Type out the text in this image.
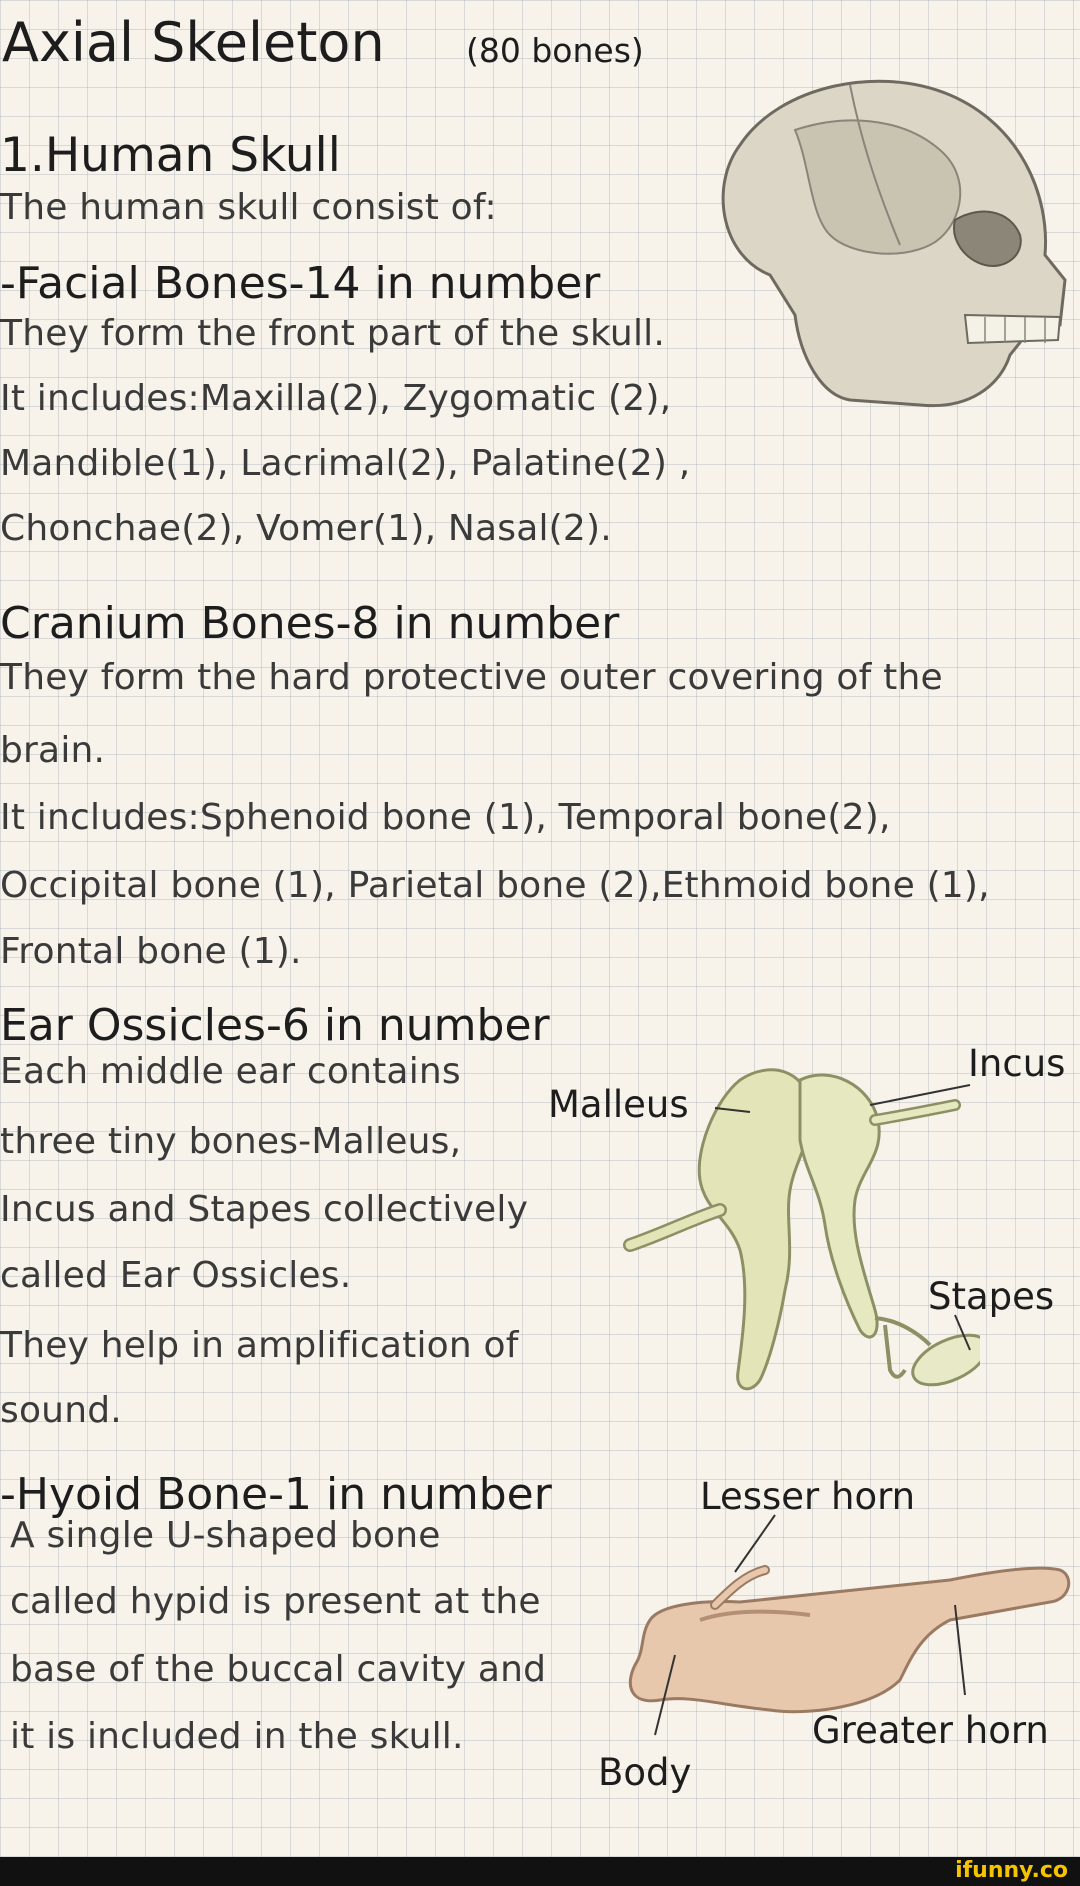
Axial Skeleton (80 bones)
1.Human Skull
The human skull consist of:
-Facial Bones-14 in number
They form the front part of the skull.
It includes:Maxilla(2), Zygomatic (2),
Mandible(1), Lacrimal(2), Palatine(2) ,
Chonchae(2), Vomer(1), Nasal(2).
Cranium Bones-8 in number
They form the hard protective outer covering of the
brain.
It includes:Sphenoid bone (1), Temporal bone(2),
Occipital bone (1), Parietal bone (2),Ethmoid bone (1),
Frontal bone (1).
Ear Ossicles-6 in number
Each middle ear contains
three tiny bones-Malleus,
Incus and Stapes collectively
called Ear Ossicles.
They help in amplification of
sound.
Malleus
Incus
Stapes
-Hyoid Bone-1 in number
A single U-shaped bone
called hypid is present at the
base of the buccal cavity and
it is included in the skull.
Lesser horn
Greater horn
Body
ifunny.co
